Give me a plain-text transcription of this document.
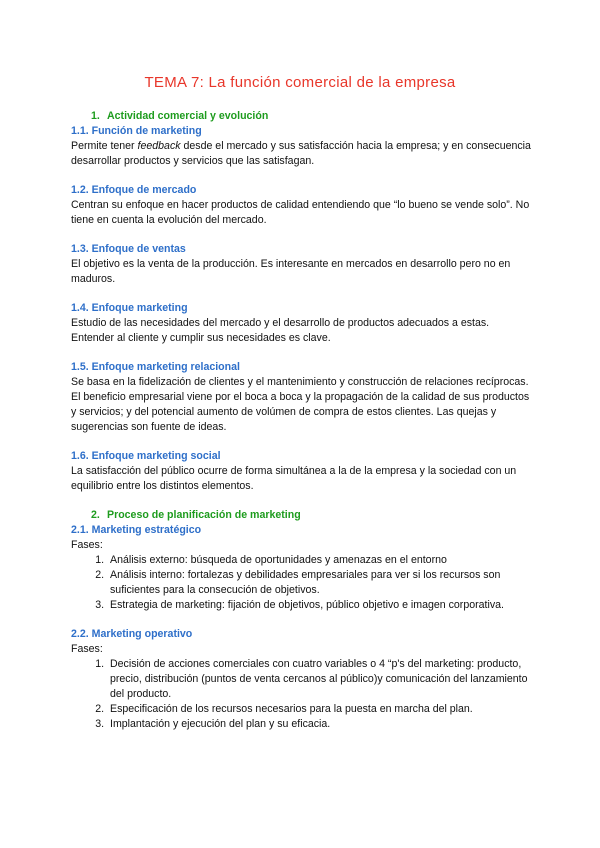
TEMA 7: La función comercial de la empresa
1. Actividad comercial y evolución

1.1. Función de marketing

Permite tener feedback desde el mercado y sus satisfacción hacia la empresa; y en consecuencia desarrollar productos y servicios que las satisfagan.

1.2. Enfoque de mercado

Centran su enfoque en hacer productos de calidad entendiendo que “lo bueno se vende solo”. No tiene en cuenta la evolución del mercado.

1.3. Enfoque de ventas

El objetivo es la venta de la producción. Es interesante en mercados en desarrollo pero no en maduros.

1.4. Enfoque marketing

Estudio de las necesidades del mercado y el desarrollo de productos adecuados a estas. Entender al cliente y cumplir sus necesidades es clave.

1.5. Enfoque marketing relacional

Se basa en la fidelización de clientes y el mantenimiento y construcción de relaciones recíprocas. El beneficio empresarial viene por el boca a boca y la propagación de la calidad de sus productos y servicios; y del potencial aumento de volúmen de compra de estos clientes. Las quejas y sugerencias son fuente de ideas.

1.6. Enfoque marketing social

La satisfacción del público ocurre de forma simultánea a la de la empresa y la sociedad con un equilibrio entre los distintos elementos.

2. Proceso de planificación de marketing

2.1. Marketing estratégico

Fases:

1. Análisis externo: búsqueda de oportunidades y amenazas en el entorno
2. Análisis interno: fortalezas y debilidades empresariales para ver si los recursos son suficientes para la consecución de objetivos.
3. Estrategia de marketing: fijación de objetivos, público objetivo e imagen corporativa.

2.2. Marketing operativo

Fases:

1. Decisión de acciones comerciales con cuatro variables o 4 “p's del marketing: producto, precio, distribución (puntos de venta cercanos al público)y comunicación del lanzamiento del producto.
2. Especificación de los recursos necesarios para la puesta en marcha del plan.
3. Implantación y ejecución del plan y su eficacia.
